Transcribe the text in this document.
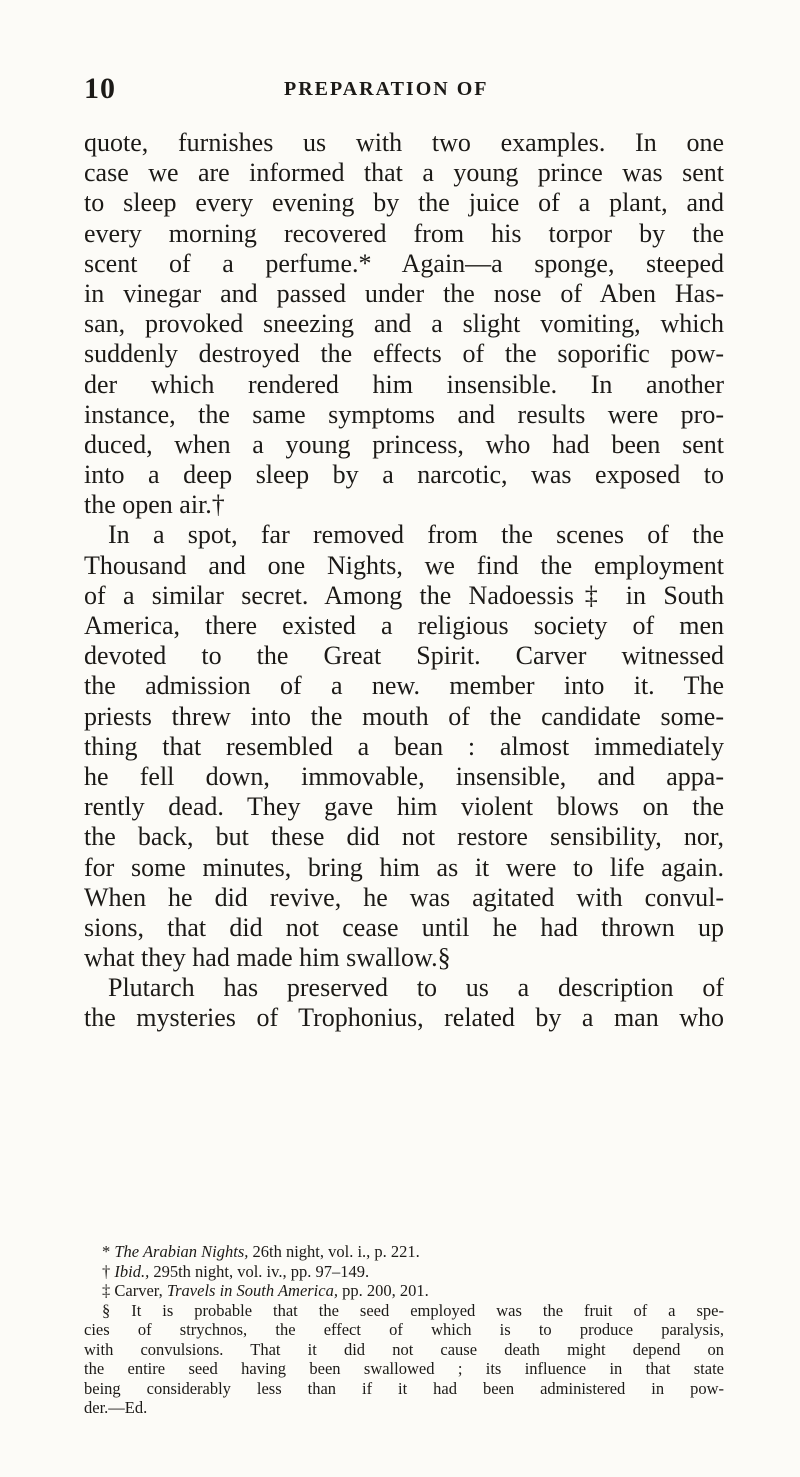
10	PREPARATION OF
quote, furnishes us with two examples. In one
case we are informed that a young prince was sent
to sleep every evening by the juice of a plant, and
every morning recovered from his torpor by the
scent of a perfume.* Again—a sponge, steeped
in vinegar and passed under the nose of Aben Has-
san, provoked sneezing and a slight vomiting, which
suddenly destroyed the effects of the soporific pow-
der which rendered him insensible. In another
instance, the same symptoms and results were pro-
duced, when a young princess, who had been sent
into a deep sleep by a narcotic, was exposed to
the open air.†
In a spot, far removed from the scenes of the
Thousand and one Nights, we find the employment
of a similar secret. Among the Nadoessis‡ in South
America, there existed a religious society of men
devoted to the Great Spirit. Carver witnessed
the admission of a new. member into it. The
priests threw into the mouth of the candidate some-
thing that resembled a bean : almost immediately
he fell down, immovable, insensible, and appa-
rently dead. They gave him violent blows on the
the back, but these did not restore sensibility, nor,
for some minutes, bring him as it were to life again.
When he did revive, he was agitated with convul-
sions, that did not cease until he had thrown up
what they had made him swallow.§
Plutarch has preserved to us a description of
the mysteries of Trophonius, related by a man who
* The Arabian Nights, 26th night, vol. i., p. 221.
† Ibid., 295th night, vol. iv., pp. 97–149.
‡ Carver, Travels in South America, pp. 200, 201.
§ It is probable that the seed employed was the fruit of a spe-
cies of strychnos, the effect of which is to produce paralysis,
with convulsions. That it did not cause death might depend on
the entire seed having been swallowed ; its influence in that state
being considerably less than if it had been administered in pow-
der.—Ed.
